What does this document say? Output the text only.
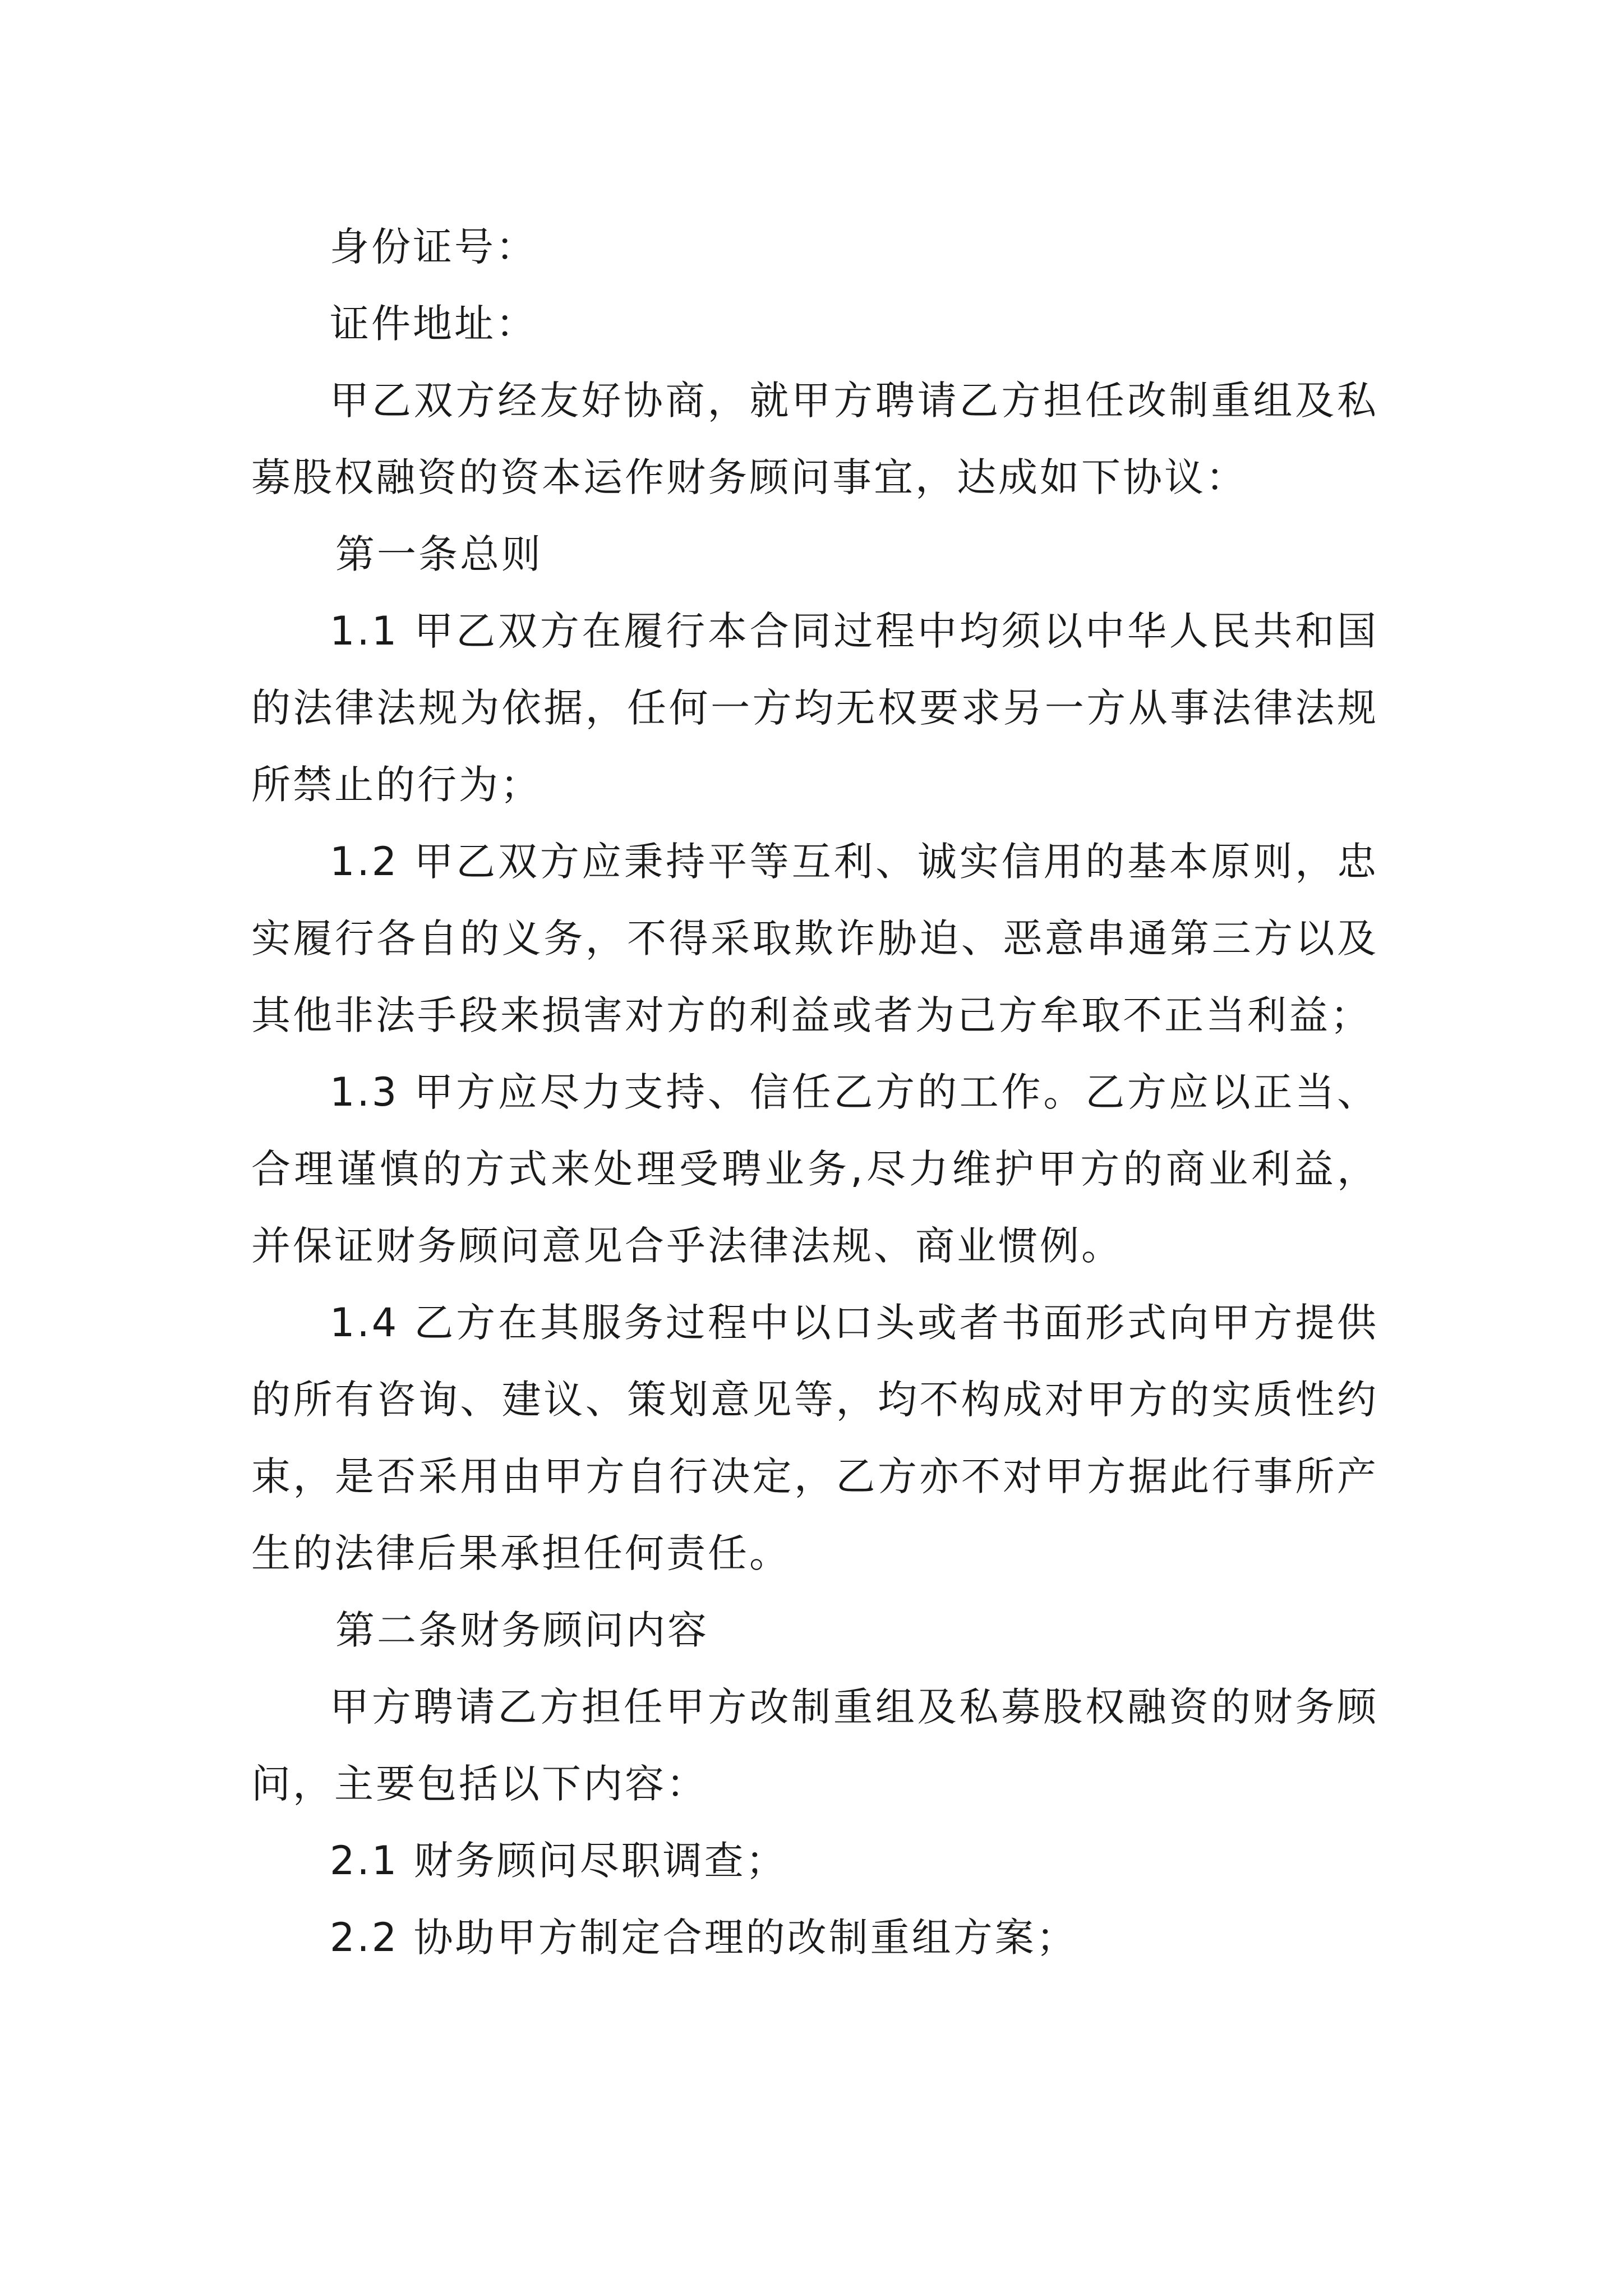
身份证号：

证件地址：

甲乙双方经友好协商，就甲方聘请乙方担任改制重组及私募股权融资的资本运作财务顾问事宜，达成如下协议：

第一条总则

1.1 甲乙双方在履行本合同过程中均须以中华人民共和国的法律法规为依据，任何一方均无权要求另一方从事法律法规所禁止的行为；

1.2 甲乙双方应秉持平等互利、诚实信用的基本原则，忠实履行各自的义务，不得采取欺诈胁迫、恶意串通第三方以及其他非法手段来损害对方的利益或者为己方牟取不正当利益；

1.3 甲方应尽力支持、信任乙方的工作。乙方应以正当、合理谨慎的方式来处理受聘业务,尽力维护甲方的商业利益，并保证财务顾问意见合乎法律法规、商业惯例。

1.4 乙方在其服务过程中以口头或者书面形式向甲方提供的所有咨询、建议、策划意见等，均不构成对甲方的实质性约束，是否采用由甲方自行决定，乙方亦不对甲方据此行事所产生的法律后果承担任何责任。

第二条财务顾问内容

甲方聘请乙方担任甲方改制重组及私募股权融资的财务顾问，主要包括以下内容：

2.1 财务顾问尽职调查；

2.2 协助甲方制定合理的改制重组方案；
